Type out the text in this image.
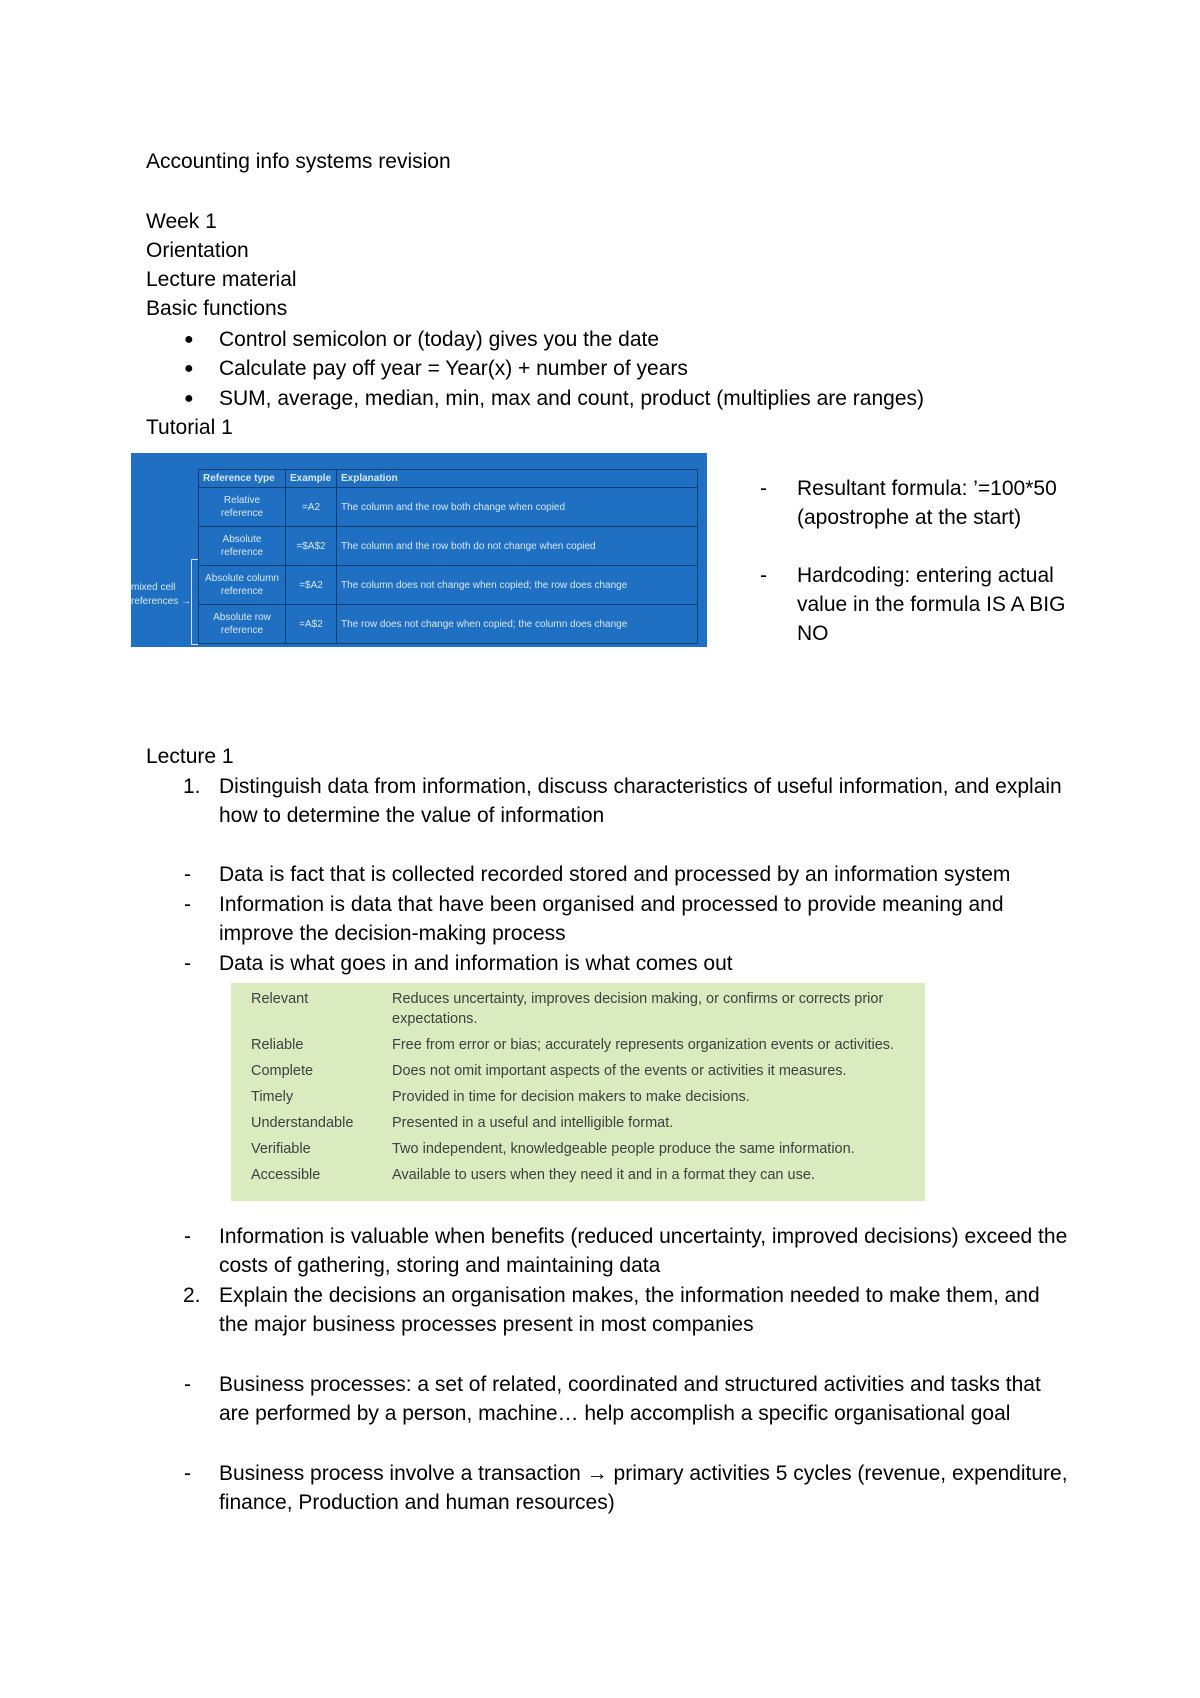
Accounting info systems revision
Week 1
Orientation
Lecture material
Basic functions
● Control semicolon or (today) gives you the date
● Calculate pay off year = Year(x) + number of years
● SUM, average, median, min, max and count, product (multiplies are ranges)
Tutorial 1
Reference type	Example	Explanation
Relative reference	=A2	The column and the row both change when copied
Absolute reference	=$A$2	The column and the row both do not change when copied
Absolute column reference	=$A2	The column does not change when copied; the row does change
Absolute row reference	=A$2	The row does not change when copied; the column does change
mixed cell references →
- Resultant formula: ’=100*50 (apostrophe at the start)
- Hardcoding: entering actual value in the formula IS A BIG NO
Lecture 1
1. Distinguish data from information, discuss characteristics of useful information, and explain how to determine the value of information
- Data is fact that is collected recorded stored and processed by an information system
- Information is data that have been organised and processed to provide meaning and improve the decision-making process
- Data is what goes in and information is what comes out
Relevant	Reduces uncertainty, improves decision making, or confirms or corrects prior expectations.
Reliable	Free from error or bias; accurately represents organization events or activities.
Complete	Does not omit important aspects of the events or activities it measures.
Timely	Provided in time for decision makers to make decisions.
Understandable	Presented in a useful and intelligible format.
Verifiable	Two independent, knowledgeable people produce the same information.
Accessible	Available to users when they need it and in a format they can use.
- Information is valuable when benefits (reduced uncertainty, improved decisions) exceed the costs of gathering, storing and maintaining data
2. Explain the decisions an organisation makes, the information needed to make them, and the major business processes present in most companies
- Business processes: a set of related, coordinated and structured activities and tasks that are performed by a person, machine… help accomplish a specific organisational goal
- Business process involve a transaction → primary activities 5 cycles (revenue, expenditure, finance, Production and human resources)
